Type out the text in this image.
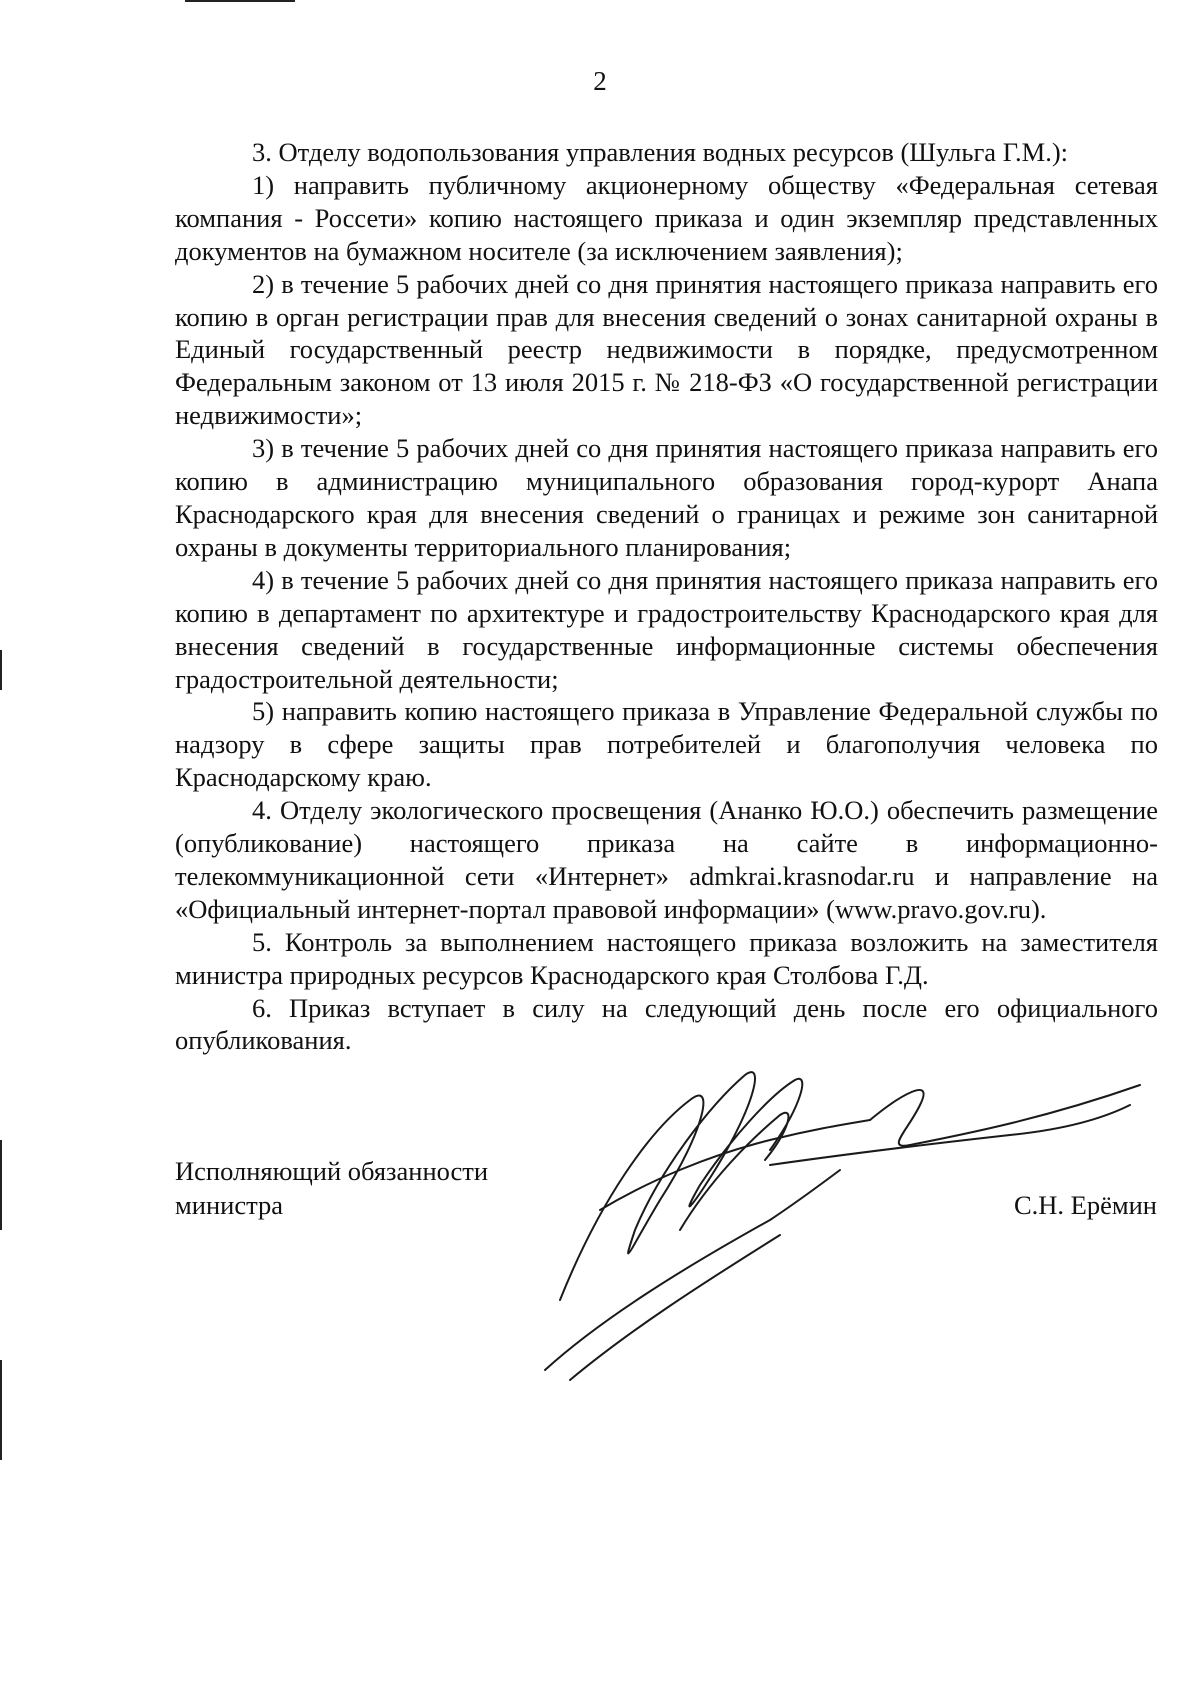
2

3. Отделу водопользования управления водных ресурсов (Шульга Г.М.):

1) направить публичному акционерному обществу «Федеральная сетевая компания - Россети» копию настоящего приказа и один экземпляр представленных документов на бумажном носителе (за исключением заявления);

2) в течение 5 рабочих дней со дня принятия настоящего приказа направить его копию в орган регистрации прав для внесения сведений о зонах санитарной охраны в Единый государственный реестр недвижимости в порядке, предусмотренном Федеральным законом от 13 июля 2015 г. № 218-ФЗ «О государственной регистрации недвижимости»;

3) в течение 5 рабочих дней со дня принятия настоящего приказа направить его копию в администрацию муниципального образования город-курорт Анапа Краснодарского края для внесения сведений о границах и режиме зон санитарной охраны в документы территориального планирования;

4) в течение 5 рабочих дней со дня принятия настоящего приказа направить его копию в департамент по архитектуре и градостроительству Краснодарского края для внесения сведений в государственные информационные системы обеспечения градостроительной деятельности;

5) направить копию настоящего приказа в Управление Федеральной службы по надзору в сфере защиты прав потребителей и благополучия человека по Краснодарскому краю.

4. Отделу экологического просвещения (Ананко Ю.О.) обеспечить размещение (опубликование) настоящего приказа на сайте в информационно-телекоммуникационной сети «Интернет» admkrai.krasnodar.ru и направление на «Официальный интернет-портал правовой информации» (www.pravo.gov.ru).

5. Контроль за выполнением настоящего приказа возложить на заместителя министра природных ресурсов Краснодарского края Столбова Г.Д.

6. Приказ вступает в силу на следующий день после его официального опубликования.

Исполняющий обязанности
министра	С.Н. Ерёмин
